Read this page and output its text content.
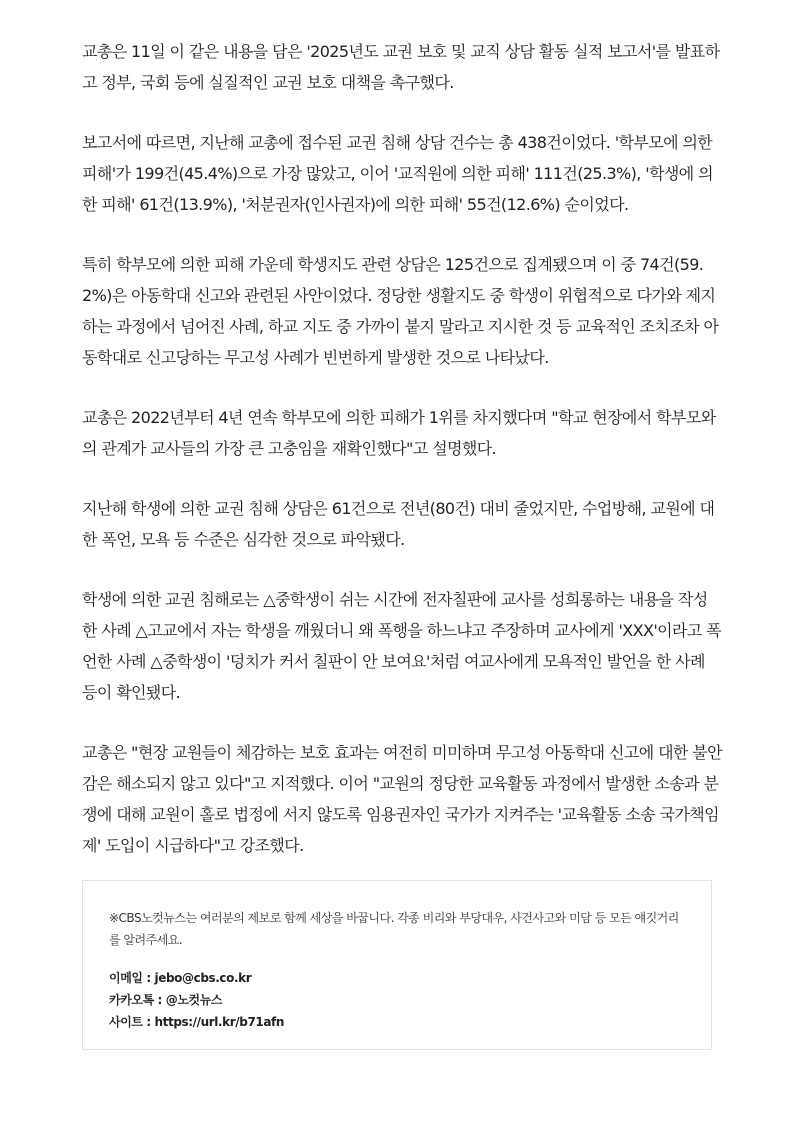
교총은 11일 이 같은 내용을 담은 '2025년도 교권 보호 및 교직 상담 활동 실적 보고서'를 발표하고 정부, 국회 등에 실질적인 교권 보호 대책을 촉구했다.

보고서에 따르면, 지난해 교총에 접수된 교권 침해 상담 건수는 총 438건이었다. '학부모에 의한 피해'가 199건(45.4%)으로 가장 많았고, 이어 '교직원에 의한 피해' 111건(25.3%), '학생에 의한 피해' 61건(13.9%), '처분권자(인사권자)에 의한 피해' 55건(12.6%) 순이었다.

특히 학부모에 의한 피해 가운데 학생지도 관련 상담은 125건으로 집계됐으며 이 중 74건(59.2%)은 아동학대 신고와 관련된 사안이었다. 정당한 생활지도 중 학생이 위협적으로 다가와 제지하는 과정에서 넘어진 사례, 하교 지도 중 가까이 붙지 말라고 지시한 것 등 교육적인 조치조차 아동학대로 신고당하는 무고성 사례가 빈번하게 발생한 것으로 나타났다.

교총은 2022년부터 4년 연속 학부모에 의한 피해가 1위를 차지했다며 "학교 현장에서 학부모와의 관계가 교사들의 가장 큰 고충임을 재확인했다"고 설명했다.

지난해 학생에 의한 교권 침해 상담은 61건으로 전년(80건) 대비 줄었지만, 수업방해, 교원에 대한 폭언, 모욕 등 수준은 심각한 것으로 파악됐다.

학생에 의한 교권 침해로는 △중학생이 쉬는 시간에 전자칠판에 교사를 성희롱하는 내용을 작성한 사례 △고교에서 자는 학생을 깨웠더니 왜 폭행을 하느냐고 주장하며 교사에게 'XXX'이라고 폭언한 사례 △중학생이 '덩치가 커서 칠판이 안 보여요'처럼 여교사에게 모욕적인 발언을 한 사례 등이 확인됐다.

교총은 "현장 교원들이 체감하는 보호 효과는 여전히 미미하며 무고성 아동학대 신고에 대한 불안감은 해소되지 않고 있다"고 지적했다. 이어 "교원의 정당한 교육활동 과정에서 발생한 소송과 분쟁에 대해 교원이 홀로 법정에 서지 않도록 임용권자인 국가가 지켜주는 '교육활동 소송 국가책임제' 도입이 시급하다"고 강조했다.

※CBS노컷뉴스는 여러분의 제보로 함께 세상을 바꿉니다. 각종 비리와 부당대우, 사건사고와 미담 등 모든 얘깃거리를 알려주세요.

이메일 : jebo@cbs.co.kr

카카오톡 : @노컷뉴스

사이트 : https://url.kr/b71afn
